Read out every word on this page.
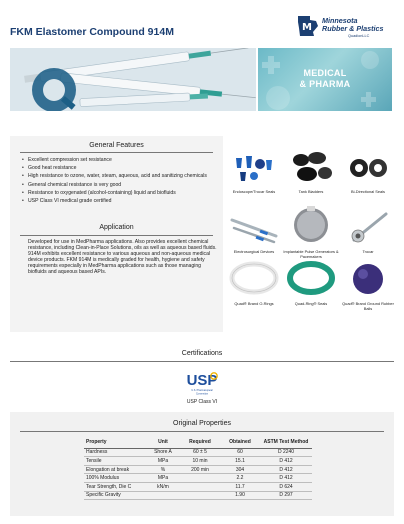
FKM Elastomer Compound 914M	M
Minnesota
Rubber & Plastics
QuadionLLC
MEDICAL
& PHARMA
General Features
• Excellent compression set resistance
• Good heat resistance
• High resistance to ozone, water, steam, aqueous, acid and sanitizing chemicals
• General chemical resistance is very good
• Resistance to oxygenated (alcohol-containing) liquid and biofluids
• USP Class VI medical grade certified
Application

Developed for use in MedPharma applications. Also provides excellent chemical resistance, including Clean-in-Place Solutions, oils as well as aqueous based fluids.

914M exhibits excellent resistance to various aqueous and non-aqueous medical device products. FKM 914M is medically graded for health, hygiene and safety requirements especially in MedPharma applications such as those managing biofluids and aqueous based APIs.

Endoscope/Trocar Seals	Tank Bladders	Bi-Directional Seals
Electrosurgical Devices	Implantable Pulse Generators & Pacemakers
Trocar
Quad® Brand O-Rings	Quad-Ring® Seals	Quad® Brand Ground Rubber Balls
Certifications
Original Properties
Property	Unit	Required	Obtained	ASTM Test Method
Hardness	Shore A	60 ± 5	60	D 2240
Tensile	MPa	10 min	15.1	D 412
Elongation at break	%	200 min	304	D 412
100% Modulus	MPa		2.2	D 412
Tear Strength, Die C	kN/m		11.7	D 624
Specific Gravity			1.90	D 297
USP
U.S. Pharmacopeial
Convention
USP Class VI
